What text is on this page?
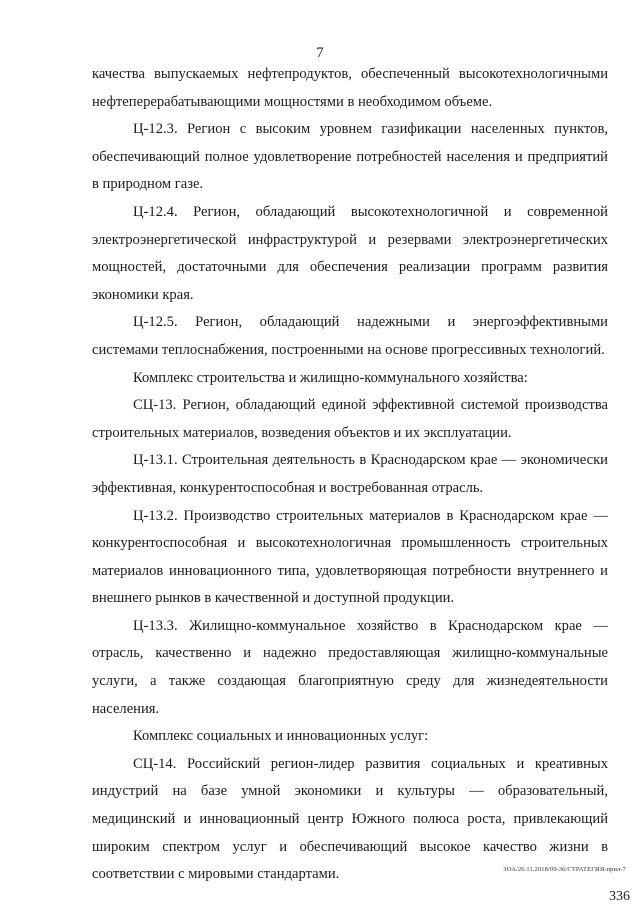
7

качества выпускаемых нефтепродуктов, обеспеченный высокотехнологичными нефтеперерабатывающими мощностями в необходимом объеме.

Ц-12.3. Регион с высоким уровнем газификации населенных пунктов, обеспечивающий полное удовлетворение потребностей населения и предприятий в природном газе.

Ц-12.4. Регион, обладающий высокотехнологичной и современной электроэнергетической инфраструктурой и резервами электроэнергетических мощностей, достаточными для обеспечения реализации программ развития экономики края.

Ц-12.5. Регион, обладающий надежными и энергоэффективными системами теплоснабжения, построенными на основе прогрессивных технологий.

Комплекс строительства и жилищно-коммунального хозяйства:

СЦ-13. Регион, обладающий единой эффективной системой производства строительных материалов, возведения объектов и их эксплуатации.

Ц-13.1. Строительная деятельность в Краснодарском крае — экономически эффективная, конкурентоспособная и востребованная отрасль.

Ц-13.2. Производство строительных материалов в Краснодарском крае — конкурентоспособная и высокотехнологичная промышленность строительных материалов инновационного типа, удовлетворяющая потребности внутреннего и внешнего рынков в качественной и доступной продукции.

Ц-13.3. Жилищно-коммунальное хозяйство в Краснодарском крае — отрасль, качественно и надежно предоставляющая жилищно-коммунальные услуги, а также создающая благоприятную среду для жизнедеятельности населения.

Комплекс социальных и инновационных услуг:

СЦ-14. Российский регион-лидер развития социальных и креативных индустрий на базе умной экономики и культуры — образовательный, медицинский и инновационный центр Южного полюса роста, привлекающий широким спектром услуг и обеспечивающий высокое качество жизни в соответствии с мировыми стандартами.	ЗОА/26.11.2018/09-36/СТРАТЕГИЯ-прил-7
336
